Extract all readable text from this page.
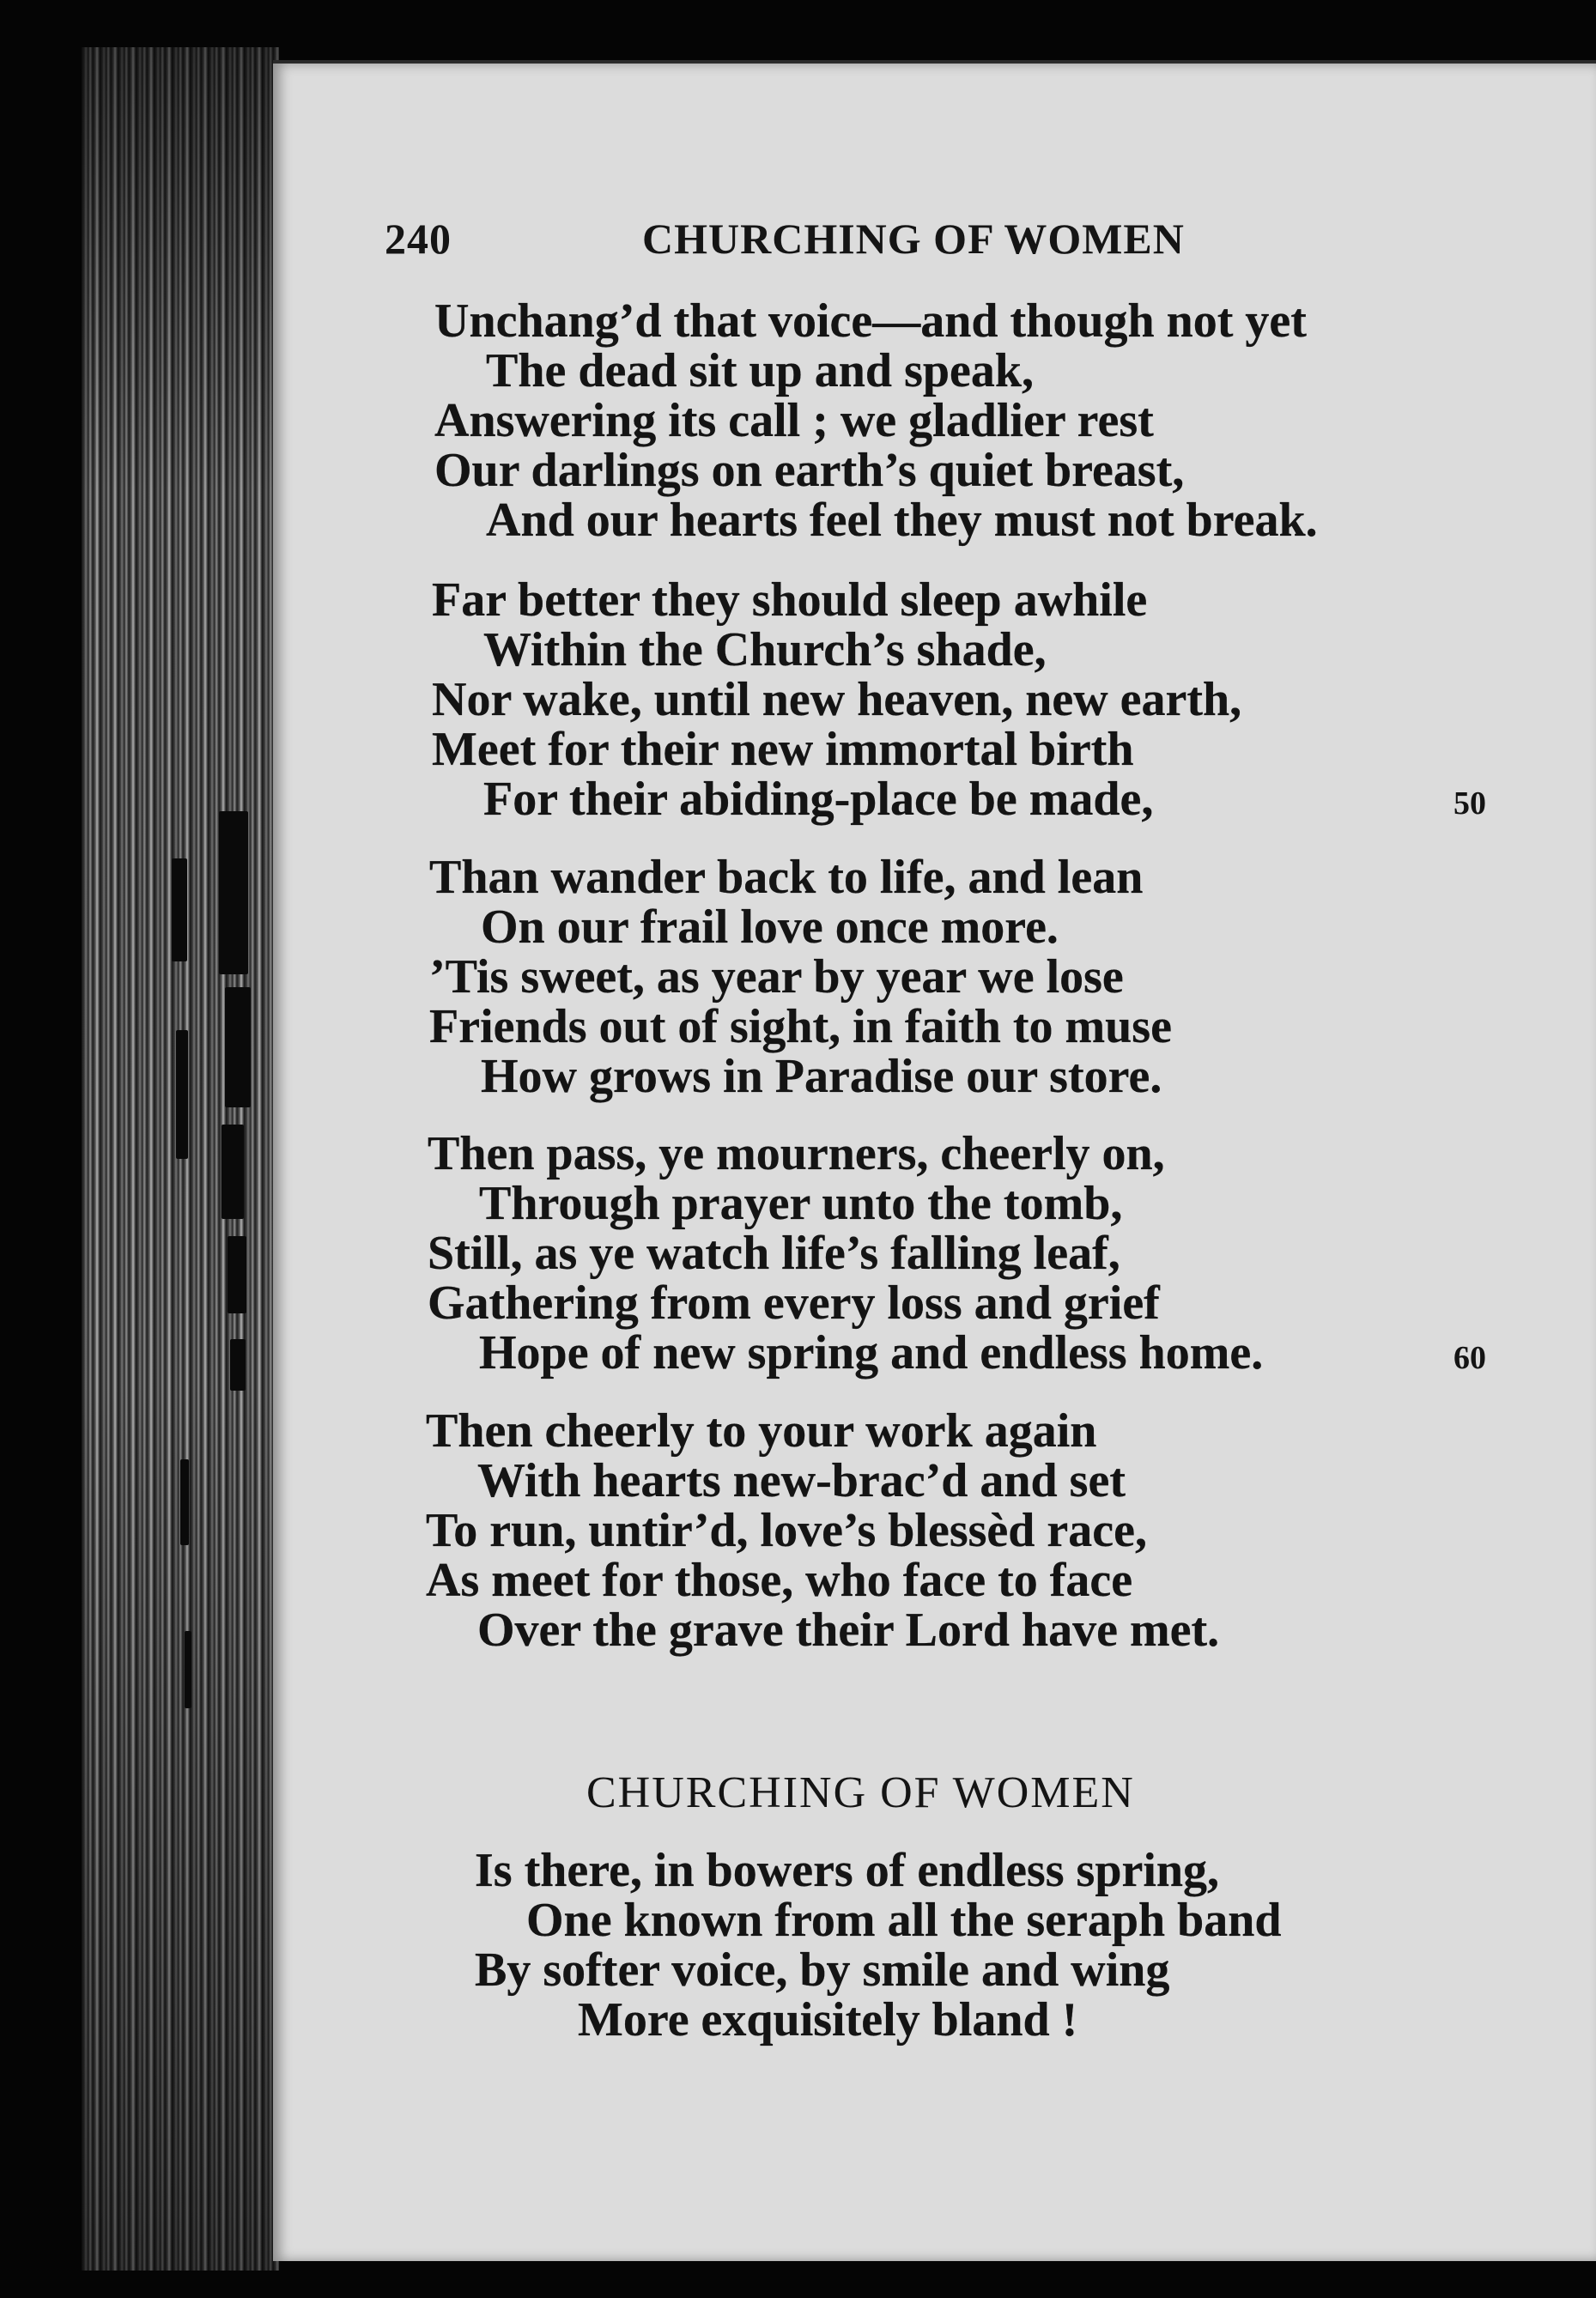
240	CHURCHING OF WOMEN
Unchang’d that voice—and though not yet
The dead sit up and speak,
Answering its call ; we gladlier rest
Our darlings on earth’s quiet breast,
And our hearts feel they must not break.
Far better they should sleep awhile
Within the Church’s shade,
Nor wake, until new heaven, new earth,
Meet for their new immortal birth
For their abiding-place be made,	50
Than wander back to life, and lean
On our frail love once more.
’Tis sweet, as year by year we lose
Friends out of sight, in faith to muse
How grows in Paradise our store.
Then pass, ye mourners, cheerly on,
Through prayer unto the tomb,
Still, as ye watch life’s falling leaf,
Gathering from every loss and grief
Hope of new spring and endless home.	60
Then cheerly to your work again
With hearts new-brac’d and set
To run, untir’d, love’s blessèd race,
As meet for those, who face to face
Over the grave their Lord have met.
CHURCHING OF WOMEN
Is there, in bowers of endless spring,
One known from all the seraph band
By softer voice, by smile and wing
More exquisitely bland !
